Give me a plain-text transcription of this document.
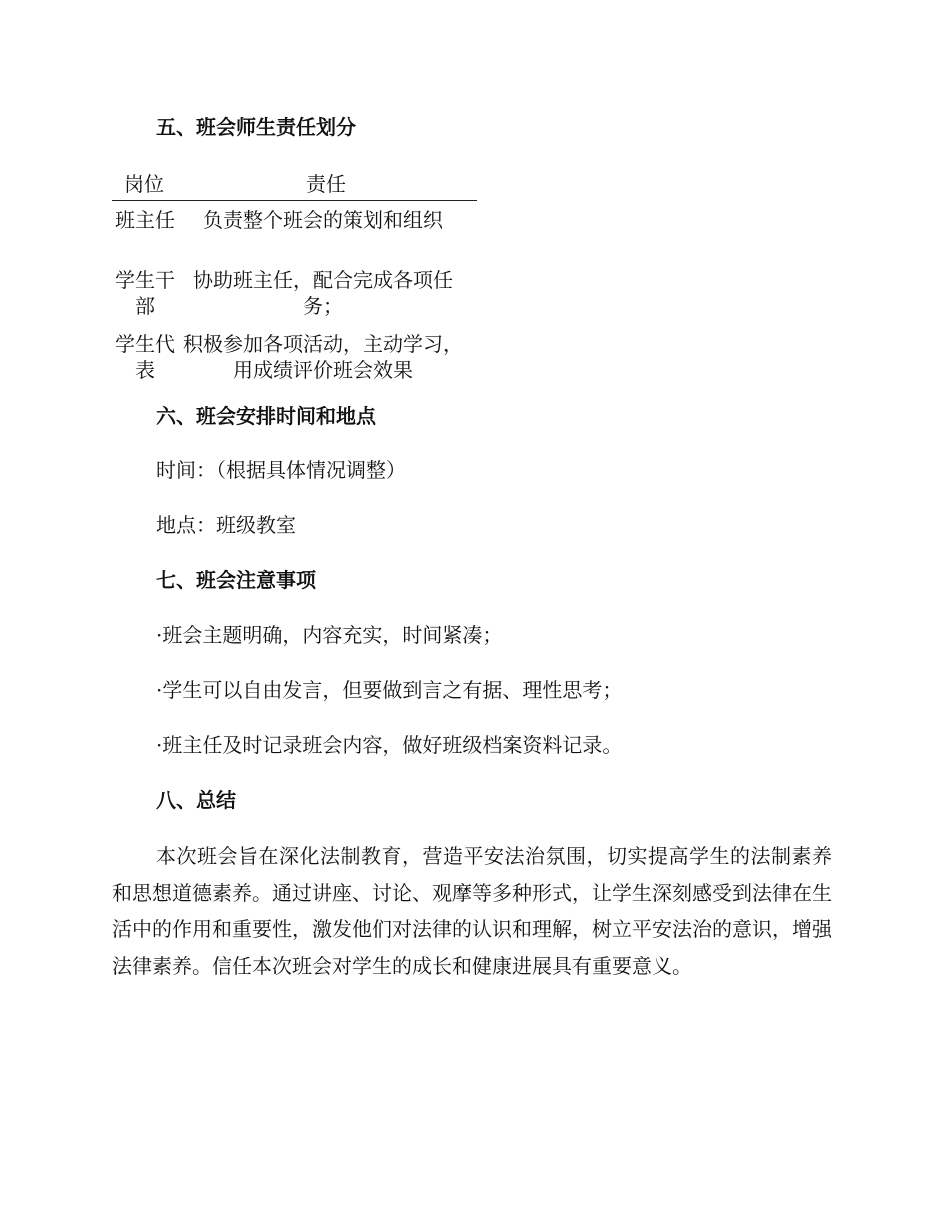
五、班会师生责任划分
岗位	责任
班主任	负责整个班会的策划和组织
学生干部
协助班主任，配合完成各项任务；
学生代表
积极参加各项活动，主动学习，用成绩评价班会效果
六、班会安排时间和地点
时间：（根据具体情况调整）
地点：班级教室
七、班会注意事项
·班会主题明确，内容充实，时间紧凑；
·学生可以自由发言，但要做到言之有据、理性思考；
·班主任及时记录班会内容，做好班级档案资料记录。
八、总结
本次班会旨在深化法制教育，营造平安法治氛围，切实提高学生的法制素养和思想道德素养。通过讲座、讨论、观摩等多种形式，让学生深刻感受到法律在生活中的作用和重要性，激发他们对法律的认识和理解，树立平安法治的意识，增强法律素养。信任本次班会对学生的成长和健康进展具有重要意义。
